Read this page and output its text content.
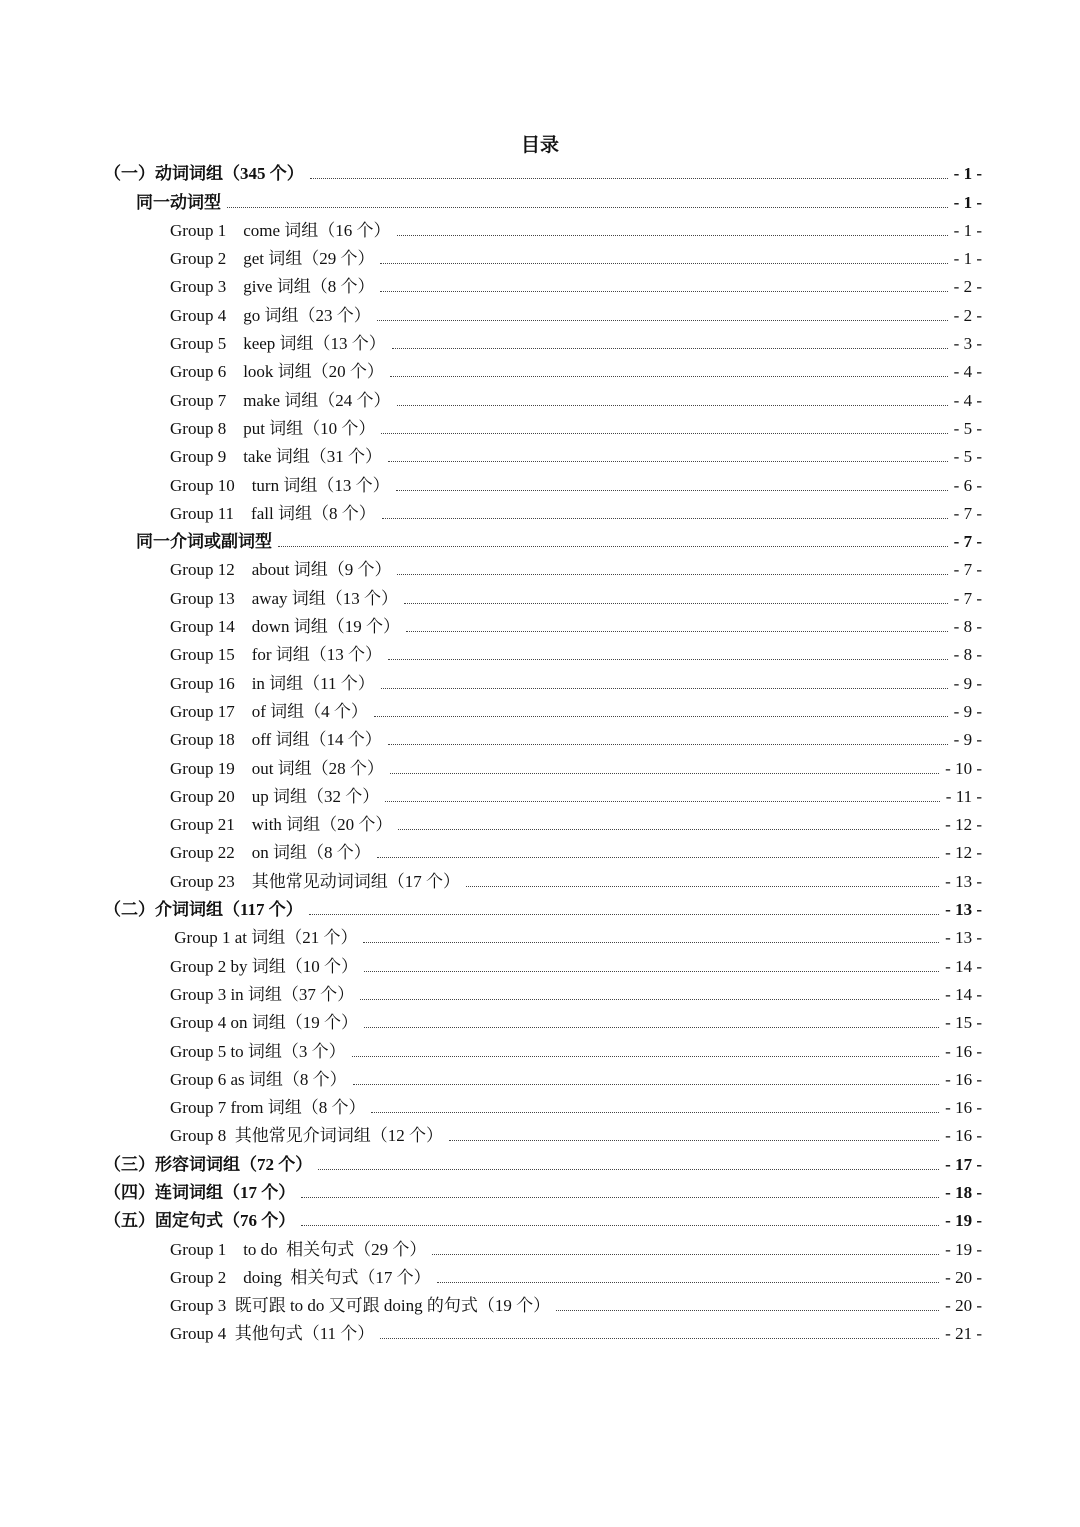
目录
（一）动词词组（345 个）	- 1 -
同一动词型	- 1 -
Group 1    come 词组（16 个）	- 1 -
Group 2    get 词组（29 个）	- 1 -
Group 3    give 词组（8 个）	- 2 -
Group 4    go 词组（23 个）	- 2 -
Group 5    keep 词组（13 个）	- 3 -
Group 6    look 词组（20 个）	- 4 -
Group 7    make 词组（24 个）	- 4 -
Group 8    put 词组（10 个）	- 5 -
Group 9    take 词组（31 个）	- 5 -
Group 10    turn 词组（13 个）	- 6 -
Group 11    fall 词组（8 个）	- 7 -
同一介词或副词型	- 7 -
Group 12    about 词组（9 个）	- 7 -
Group 13    away 词组（13 个）	- 7 -
Group 14    down 词组（19 个）	- 8 -
Group 15    for 词组（13 个）	- 8 -
Group 16    in 词组（11 个）	- 9 -
Group 17    of 词组（4 个）	- 9 -
Group 18    off 词组（14 个）	- 9 -
Group 19    out 词组（28 个）	- 10 -
Group 20    up 词组（32 个）	- 11 -
Group 21    with 词组（20 个）	- 12 -
Group 22    on 词组（8 个）	- 12 -
Group 23    其他常见动词词组（17 个）	- 13 -
（二）介词词组（117 个）	- 13 -
Group 1 at 词组（21 个）	- 13 -
Group 2 by 词组（10 个）	- 14 -
Group 3 in 词组（37 个）	- 14 -
Group 4 on 词组（19 个）	- 15 -
Group 5 to 词组（3 个）	- 16 -
Group 6 as 词组（8 个）	- 16 -
Group 7 from 词组（8 个）	- 16 -
Group 8  其他常见介词词组（12 个）	- 16 -
（三）形容词词组（72 个）	- 17 -
（四）连词词组（17 个）	- 18 -
（五）固定句式（76 个）	- 19 -
Group 1    to do  相关句式（29 个）	- 19 -
Group 2    doing  相关句式（17 个）	- 20 -
Group 3  既可跟 to do 又可跟 doing 的句式（19 个）	- 20 -
Group 4  其他句式（11 个）	- 21 -
